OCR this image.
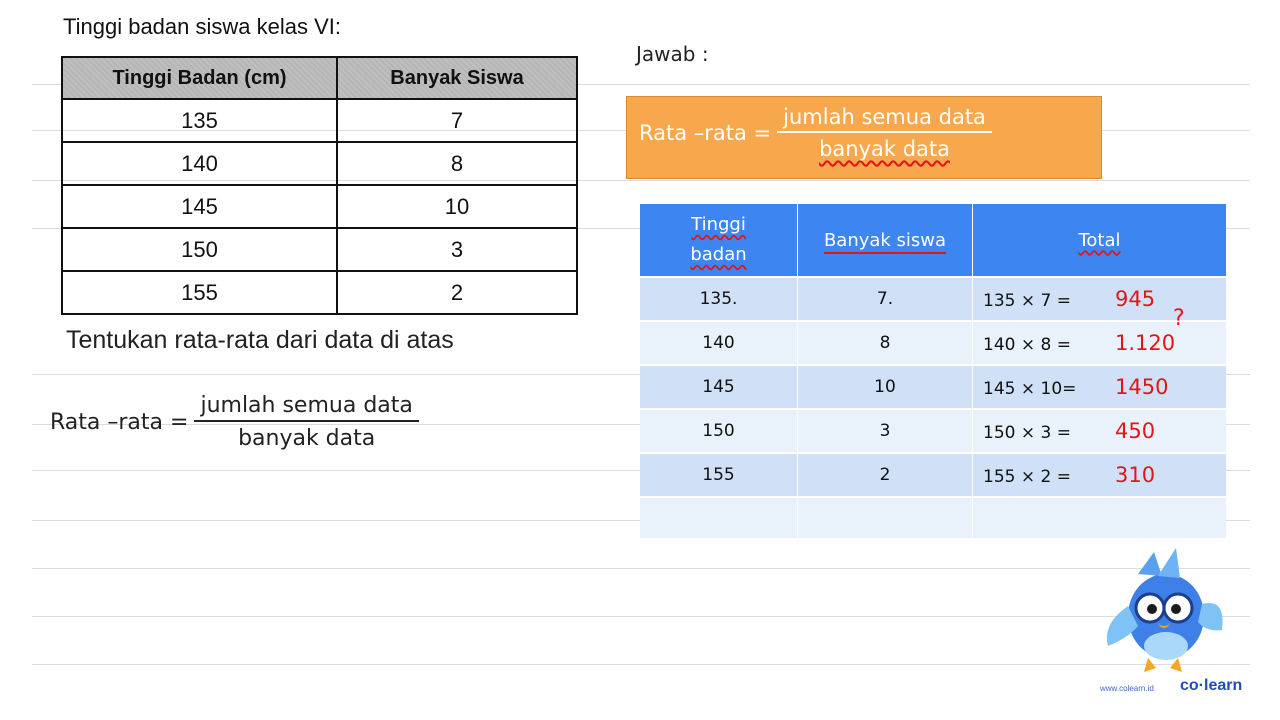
Tinggi badan siswa kelas VI:
Tinggi Badan (cm)	Banyak Siswa
135	7
140	8
145	10
150	3
155	2
Tentukan rata-rata dari data di atas
Rata –rata = $\frac{\text{jumlah semua data}}{\text{banyak data}}$
Jawab :
Rata –rata = $\frac{\text{jumlah semua data}}{\text{banyak data}}$
Tinggi badan	Banyak siswa	Total
135.	7.	135 × 7 = 945
140	8	140 × 8 = 1.120
145	10	145 × 10= 1450
150	3	150 × 3 = 450
155	2	155 × 2 = 310

?
www.colearn.id co·learn
